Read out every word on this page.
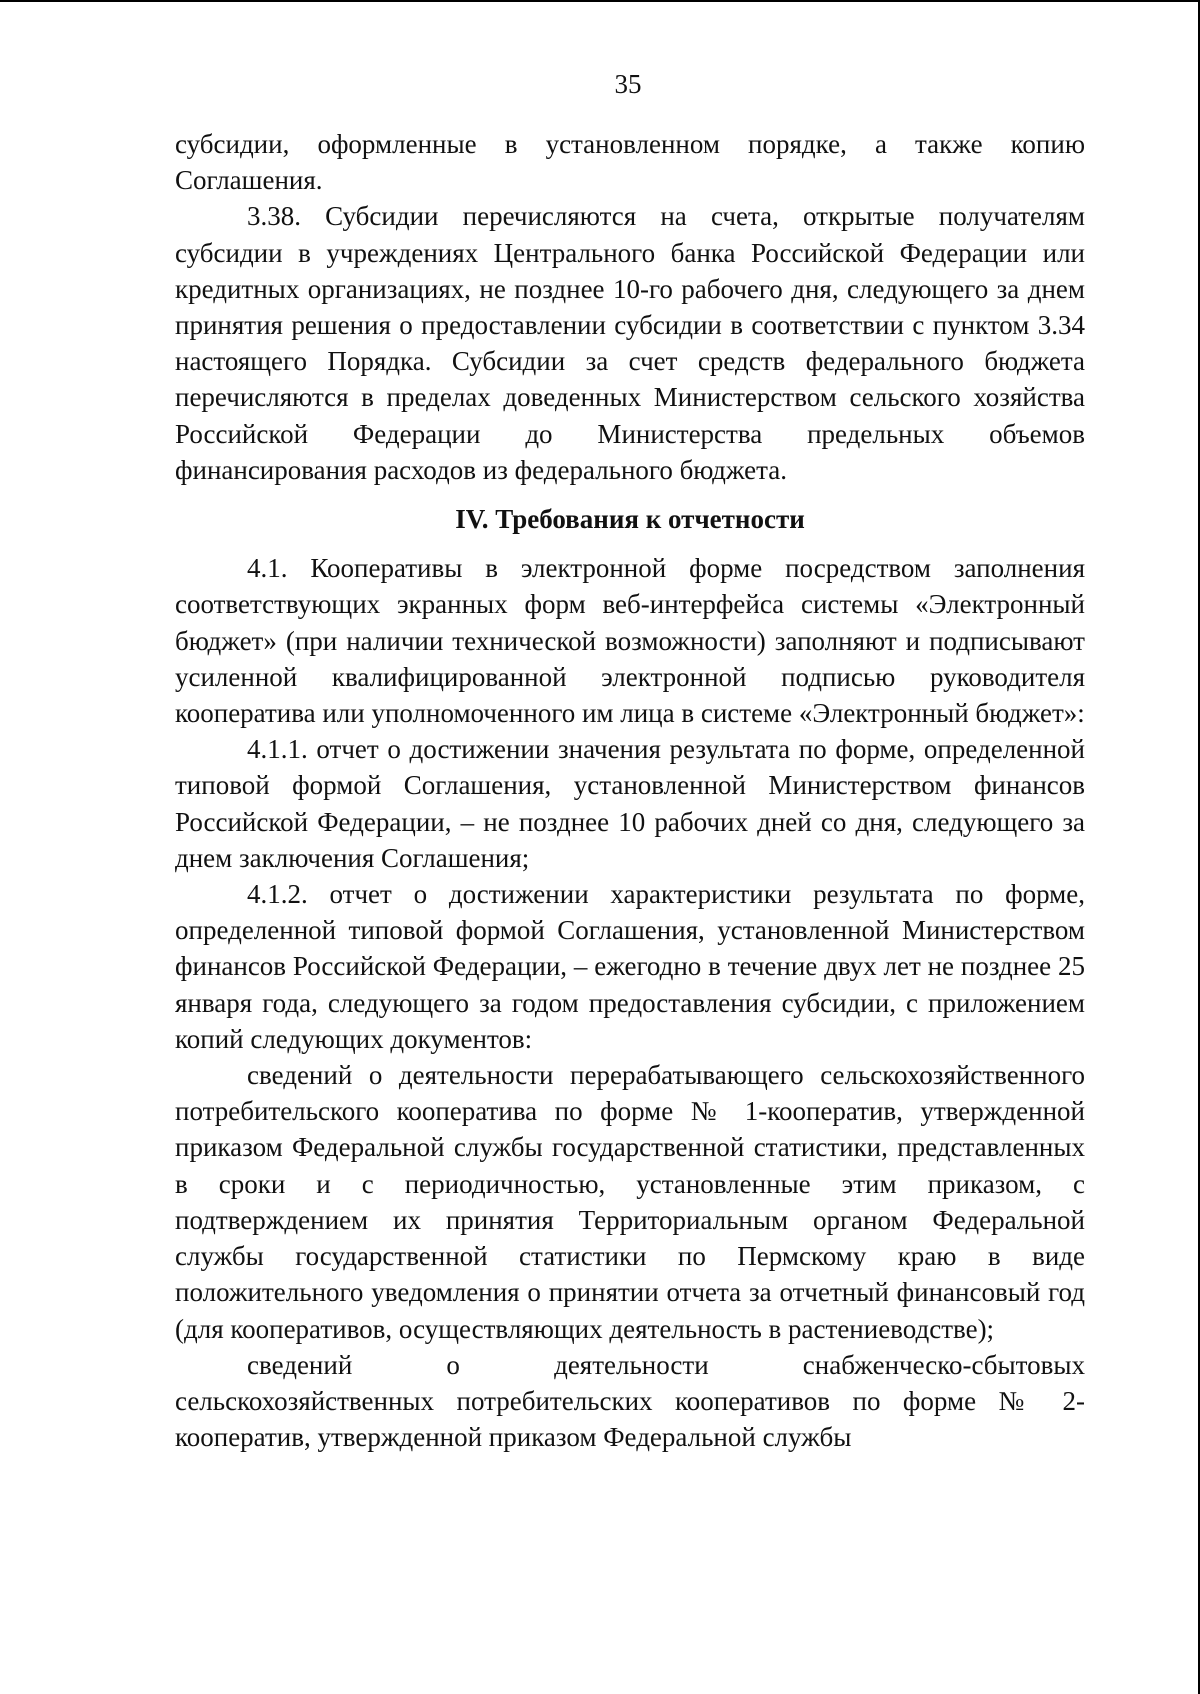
35

субсидии, оформленные в установленном порядке, а также копию Соглашения.

3.38. Субсидии перечисляются на счета, открытые получателям субсидии в учреждениях Центрального банка Российской Федерации или кредитных организациях, не позднее 10-го рабочего дня, следующего за днем принятия решения о предоставлении субсидии в соответствии с пунктом 3.34 настоящего Порядка. Субсидии за счет средств федерального бюджета перечисляются в пределах доведенных Министерством сельского хозяйства Российской Федерации до Министерства предельных объемов финансирования расходов из федерального бюджета.

IV. Требования к отчетности

4.1. Кооперативы в электронной форме посредством заполнения соответствующих экранных форм веб-интерфейса системы «Электронный бюджет» (при наличии технической возможности) заполняют и подписывают усиленной квалифицированной электронной подписью руководителя кооператива или уполномоченного им лица в системе «Электронный бюджет»:

4.1.1. отчет о достижении значения результата по форме, определенной типовой формой Соглашения, установленной Министерством финансов Российской Федерации, – не позднее 10 рабочих дней со дня, следующего за днем заключения Соглашения;

4.1.2. отчет о достижении характеристики результата по форме, определенной типовой формой Соглашения, установленной Министерством финансов Российской Федерации, – ежегодно в течение двух лет не позднее 25 января года, следующего за годом предоставления субсидии, с приложением копий следующих документов:

сведений о деятельности перерабатывающего сельскохозяйственного потребительского кооператива по форме № 1-кооператив, утвержденной приказом Федеральной службы государственной статистики, представленных в сроки и с периодичностью, установленные этим приказом, с подтверждением их принятия Территориальным органом Федеральной службы государственной статистики по Пермскому краю в виде положительного уведомления о принятии отчета за отчетный финансовый год (для кооперативов, осуществляющих деятельность в растениеводстве);

сведений о деятельности снабженческо-сбытовых сельскохозяйственных потребительских кооперативов по форме № 2-кооператив, утвержденной приказом Федеральной службы
